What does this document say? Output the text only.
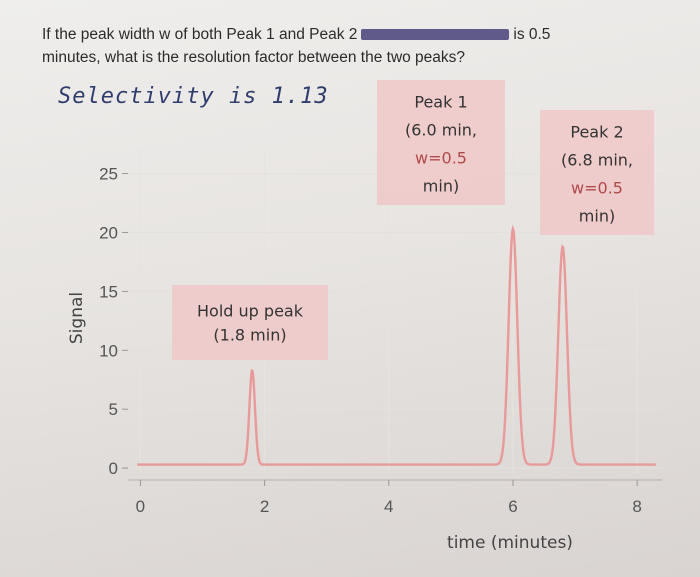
If the peak width w of both Peak 1 and Peak 2	is 0.5
minutes, what is the resolution factor between the two peaks?
Selectivity is 1.13
0
5
10
15
20
25
0	2	4	6	8
Hold up peak
(1.8 min)
Peak 1
(6.0 min,
w=0.5
min)
Peak 2
(6.8 min,
w=0.5
min)
time (minutes)
Signal
